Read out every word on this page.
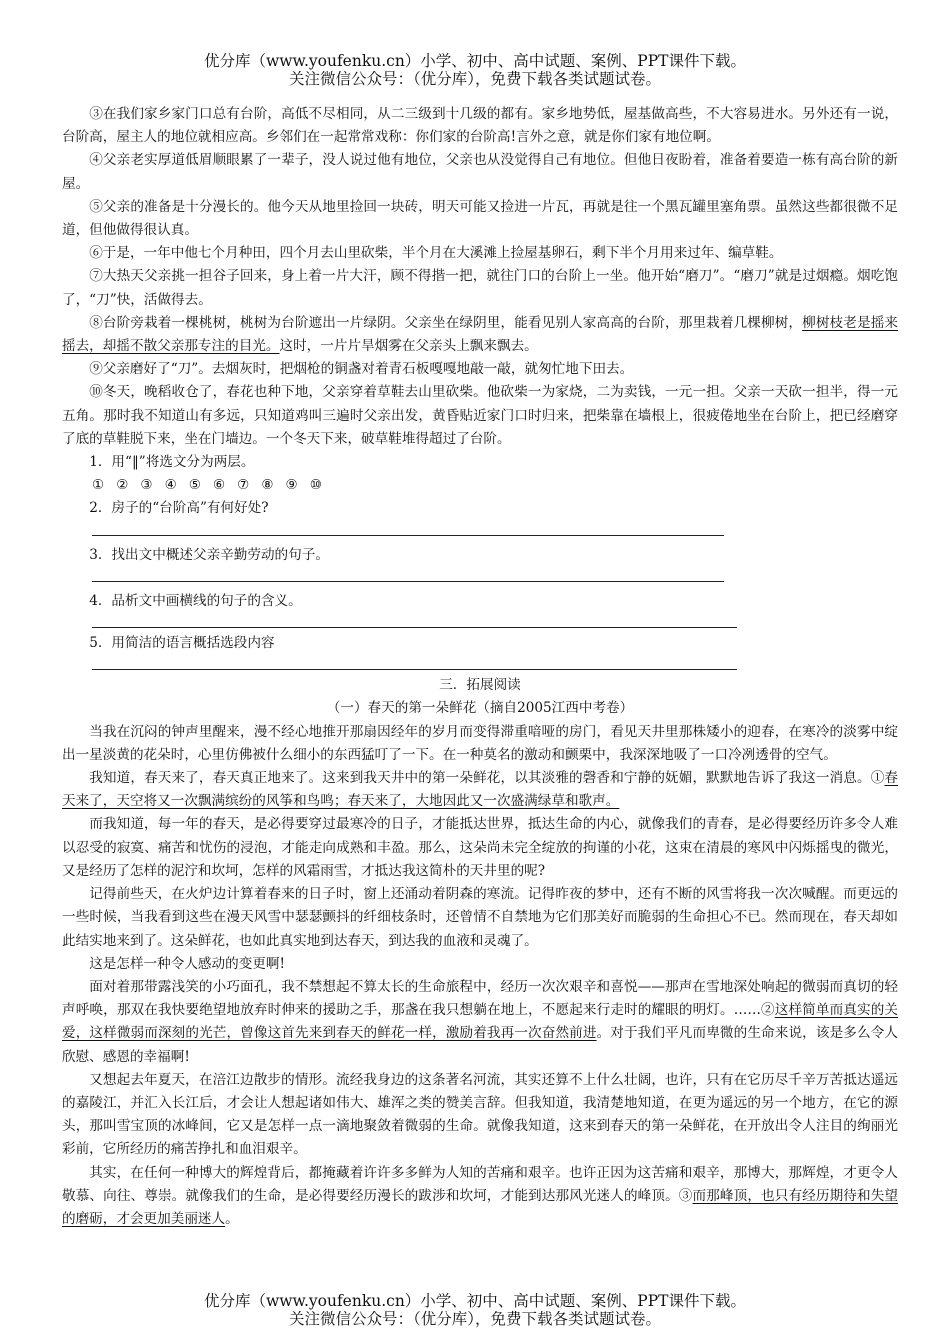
优分库（www.youfenku.cn）小学、初中、高中试题、案例、PPT课件下载。
关注微信公众号：（优分库），免费下载各类试题试卷。

③在我们家乡家门口总有台阶，高低不尽相同，从二三级到十几级的都有。家乡地势低，屋基做高些，不大容易进水。另外还有一说，台阶高，屋主人的地位就相应高。乡邻们在一起常常戏称：你们家的台阶高!言外之意，就是你们家有地位啊。

④父亲老实厚道低眉顺眼累了一辈子，没人说过他有地位，父亲也从没觉得自己有地位。但他日夜盼着，准备着要造一栋有高台阶的新屋。

⑤父亲的准备是十分漫长的。他今天从地里捡回一块砖，明天可能又捡进一片瓦，再就是往一个黑瓦罐里塞角票。虽然这些都很微不足道，但他做得很认真。

⑥于是，一年中他七个月种田，四个月去山里砍柴，半个月在大溪滩上捡屋基卵石，剩下半个月用来过年、编草鞋。

⑦大热天父亲挑一担谷子回来，身上着一片大汗，顾不得揩一把，就往门口的台阶上一坐。他开始“磨刀”。“磨刀”就是过烟瘾。烟吃饱了，“刀”快，活做得去。

⑧台阶旁栽着一棵桃树，桃树为台阶遮出一片绿阴。父亲坐在绿阴里，能看见别人家高高的台阶，那里栽着几棵柳树，柳树枝老是摇来摇去，却摇不散父亲那专注的目光。这时，一片片旱烟雾在父亲头上飘来飘去。

⑨父亲磨好了“刀”。去烟灰时，把烟枪的铜盏对着青石板嘎嘎地敲一敲，就匆忙地下田去。

⑩冬天，晚稻收仓了，春花也种下地，父亲穿着草鞋去山里砍柴。他砍柴一为家烧，二为卖钱，一元一担。父亲一天砍一担半，得一元五角。那时我不知道山有多远，只知道鸡叫三遍时父亲出发，黄昏贴近家门口时归来，把柴靠在墙根上，很疲倦地坐在台阶上，把已经磨穿了底的草鞋脱下来，坐在门墙边。一个冬天下来，破草鞋堆得超过了台阶。

1．用“‖”将选文分为两层。

① ② ③ ④ ⑤ ⑥ ⑦ ⑧ ⑨ ⑩

2．房子的“台阶高”有何好处?

3．找出文中概述父亲辛勤劳动的句子。

4．品析文中画横线的句子的含义。

5．用简洁的语言概括选段内容

三．拓展阅读

（一）春天的第一朵鲜花（摘自2005江西中考卷）

当我在沉闷的钟声里醒来，漫不经心地推开那扇因经年的岁月而变得滞重喑哑的房门，看见天井里那株矮小的迎春，在寒冷的淡雾中绽出一星淡黄的花朵时，心里仿佛被什么细小的东西猛叮了一下。在一种莫名的激动和颤栗中，我深深地吸了一口冷冽透骨的空气。

我知道，春天来了，春天真正地来了。这来到我天井中的第一朵鲜花，以其淡雅的磬香和宁静的妩媚，默默地告诉了我这一消息。①春天来了，天空将又一次飘满缤纷的风筝和鸟鸣；春天来了，大地因此又一次盛满绿草和歌声。

而我知道，每一年的春天，是必得要穿过最寒冷的日子，才能抵达世界，抵达生命的内心，就像我们的青春，是必得要经历许多令人难以忍受的寂寞、痛苦和忧伤的浸泡，才能走向成熟和丰盈。那么，这朵尚未完全绽放的拘谨的小花，这束在清晨的寒风中闪烁摇曳的微光，又是经历了怎样的泥泞和坎坷，怎样的风霜雨雪，才抵达我这简朴的天井里的呢?

记得前些天，在火炉边计算着春来的日子时，窗上还涌动着阴森的寒流。记得昨夜的梦中，还有不断的风雪将我一次次喊醒。而更远的一些时候，当我看到这些在漫天风雪中瑟瑟颤抖的纤细枝条时，还曾情不自禁地为它们那美好而脆弱的生命担心不已。然而现在，春天却如此结实地来到了。这朵鲜花，也如此真实地到达春天，到达我的血液和灵魂了。

这是怎样一种令人感动的变更啊!

面对着那带露浅笑的小巧面孔，我不禁想起不算太长的生命旅程中，经历一次次艰辛和喜悦——那声在雪地深处响起的微弱而真切的轻声呼唤，那双在我快要绝望地放弃时伸来的援助之手，那盏在我只想躺在地上，不愿起来行走时的耀眼的明灯。……②这样简单而真实的关爱，这样微弱而深刻的光芒，曾像这首先来到春天的鲜花一样，激励着我再一次奋然前进。对于我们平凡而卑微的生命来说，该是多么令人欣慰、感恩的幸福啊!

又想起去年夏天，在涪江边散步的情形。流经我身边的这条著名河流，其实还算不上什么壮阔，也许，只有在它历尽千辛万苦抵达遥远的嘉陵江，并汇入长江后，才会让人想起诸如伟大、雄浑之类的赞美言辞。但我知道，我清楚地知道，在更为遥远的另一个地方，在它的源头，那叫雪宝顶的冰峰间，它又是怎样一点一滴地聚敛着微弱的生命。就像我知道，这来到春天的第一朵鲜花，在开放出令人注目的绚丽光彩前，它所经历的痛苦挣扎和血泪艰辛。

其实，在任何一种博大的辉煌背后，都掩藏着许许多多鲜为人知的苦痛和艰辛。也许正因为这苦痛和艰辛，那博大，那辉煌，才更令人敬慕、向往、尊崇。就像我们的生命，是必得要经历漫长的跋涉和坎坷，才能到达那风光迷人的峰顶。③而那峰顶，也只有经历期待和失望的磨砺，才会更加美丽迷人。

优分库（www.youfenku.cn）小学、初中、高中试题、案例、PPT课件下载。
关注微信公众号：（优分库），免费下载各类试题试卷。
